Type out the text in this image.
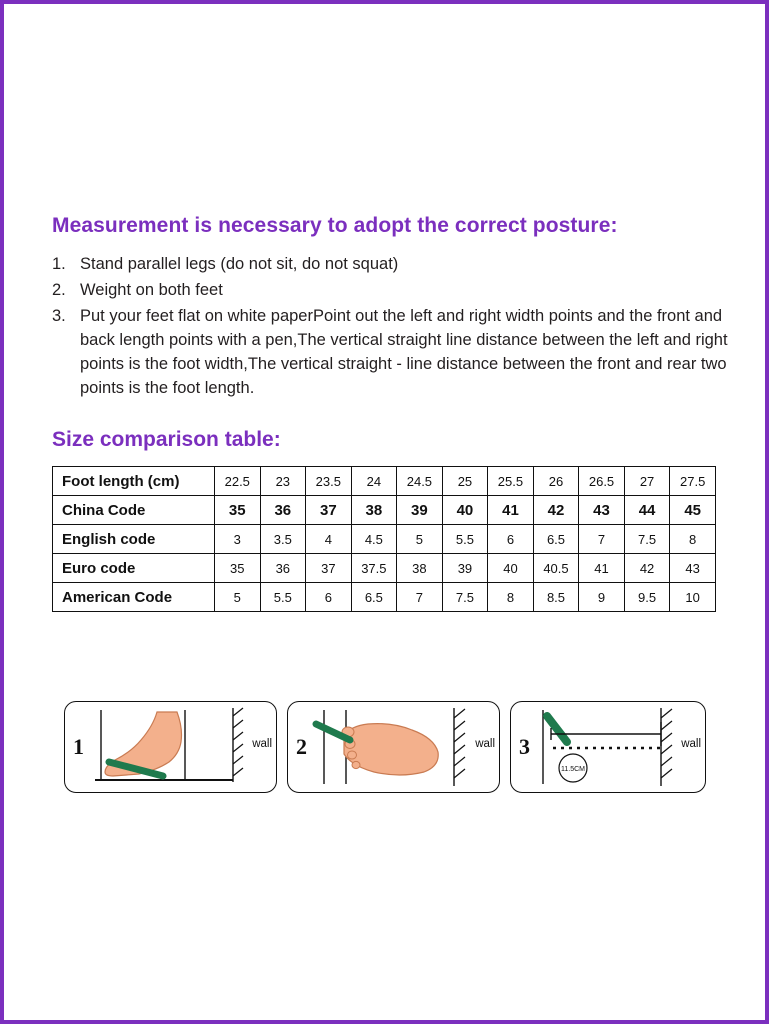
Measurement is necessary to adopt the correct posture:
1. Stand parallel legs (do not sit, do not squat)
2. Weight on both feet
3. Put your feet flat on white paperPoint out the left and right width points and the front and back length points with a pen,The vertical straight line distance between the left and right points is the foot width,The vertical straight - line distance between the front and rear two points is the foot length.
Size comparison table:
Foot length (cm)	22.5	23	23.5	24	24.5	25	25.5	26	26.5	27	27.5
China Code	35	36	37	38	39	40	41	42	43	44	45
English code	3	3.5	4	4.5	5	5.5	6	6.5	7	7.5	8
Euro code	35	36	37	37.5	38	39	40	40.5	41	42	43
American Code	5	5.5	6	6.5	7	7.5	8	8.5	9	9.5	10
1	wall 2	wall 3
11.5CM
wall
